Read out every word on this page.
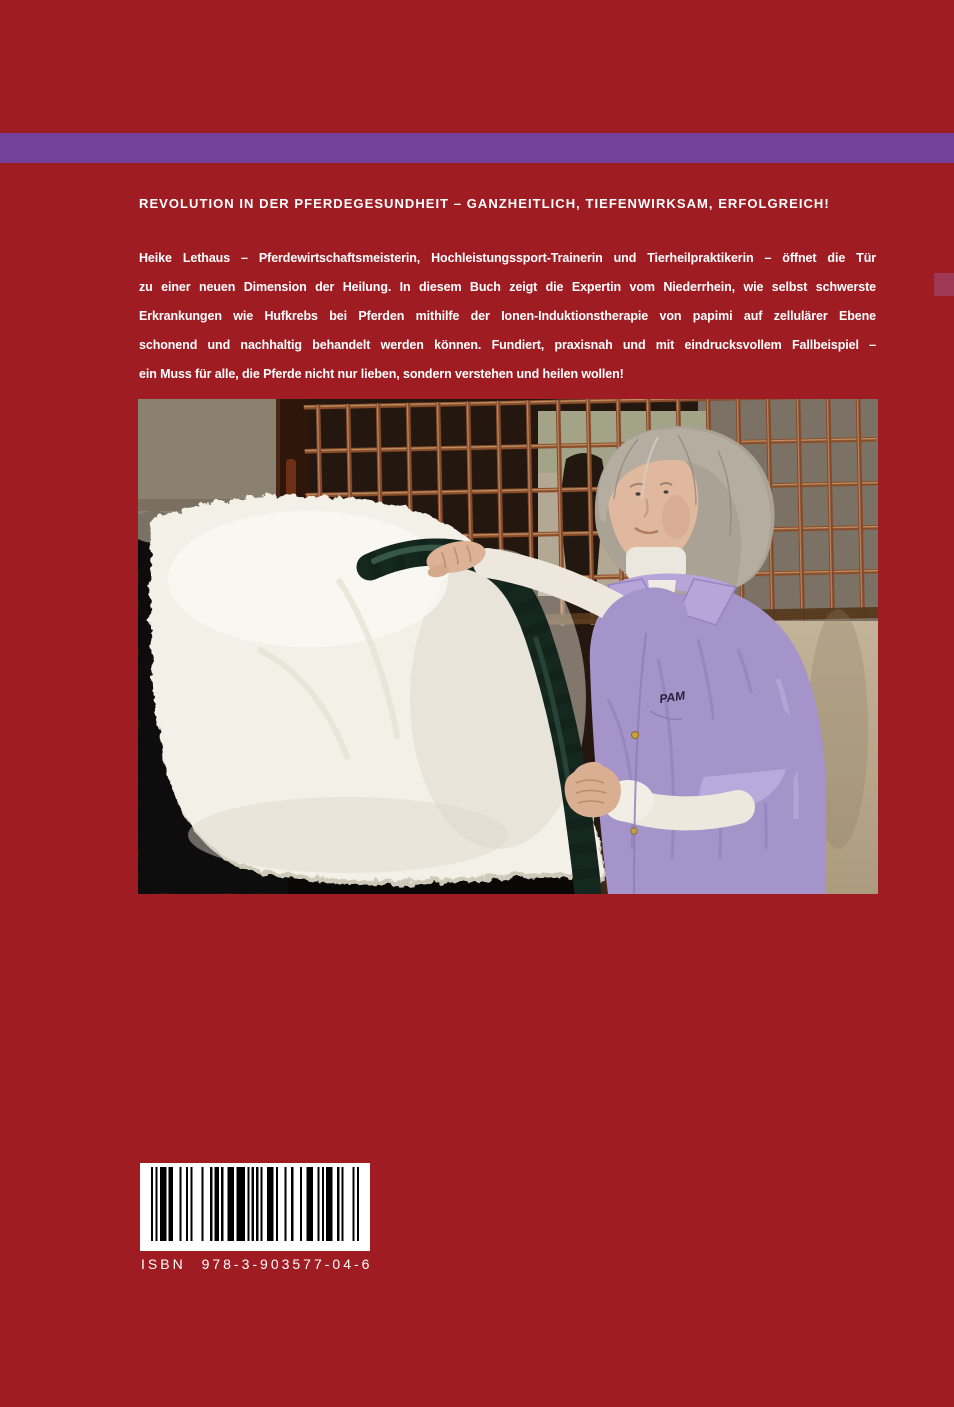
REVOLUTION IN DER PFERDEGESUNDHEIT – GANZHEITLICH, TIEFENWIRKSAM, ERFOLGREICH!
Heike Lethaus – Pferdewirtschaftsmeisterin, Hochleistungssport-Trainerin und Tierheilpraktikerin – öffnet die Tür
zu einer neuen Dimension der Heilung. In diesem Buch zeigt die Expertin vom Niederrhein, wie selbst schwerste
Erkrankungen wie Hufkrebs bei Pferden mithilfe der Ionen-Induktionstherapie von papimi auf zellulärer Ebene
schonend und nachhaltig behandelt werden können. Fundiert, praxisnah und mit eindrucksvollem Fallbeispiel –
ein Muss für alle, die Pferde nicht nur lieben, sondern verstehen und heilen wollen!
PAM
ISBN 978-3-903577-04-6
